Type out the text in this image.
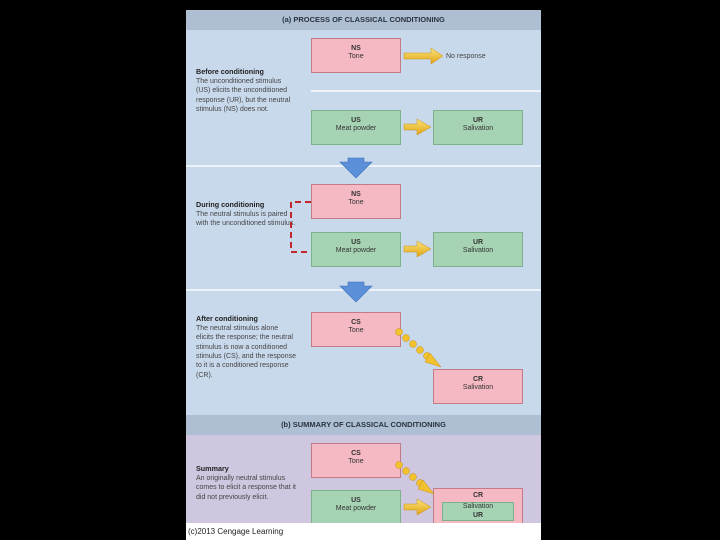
(a) PROCESS OF CLASSICAL CONDITIONING
NS
Tone	No response
Before conditioning
The unconditioned stimulus (US) elicits the unconditioned response (UR), but the neutral stimulus (NS) does not.
US
Meat powder
UR
Salivation
NS
Tone
During conditioning
The neutral stimulus is paired with the unconditioned stimulus.
US
Meat powder
UR
Salivation
CS
Tone
After conditioning
The neutral stimulus alone elicits the response; the neutral stimulus is now a conditioned stimulus (CS), and the response to it is a conditioned response (CR).
CR
Salivation
(b) SUMMARY OF CLASSICAL CONDITIONING
CS
Tone
Summary
An originally neutral stimulus comes to elicit a response that it did not previously elicit.	US
Meat powder
CR
Salivation
UR
(c)2013 Cengage Learning
